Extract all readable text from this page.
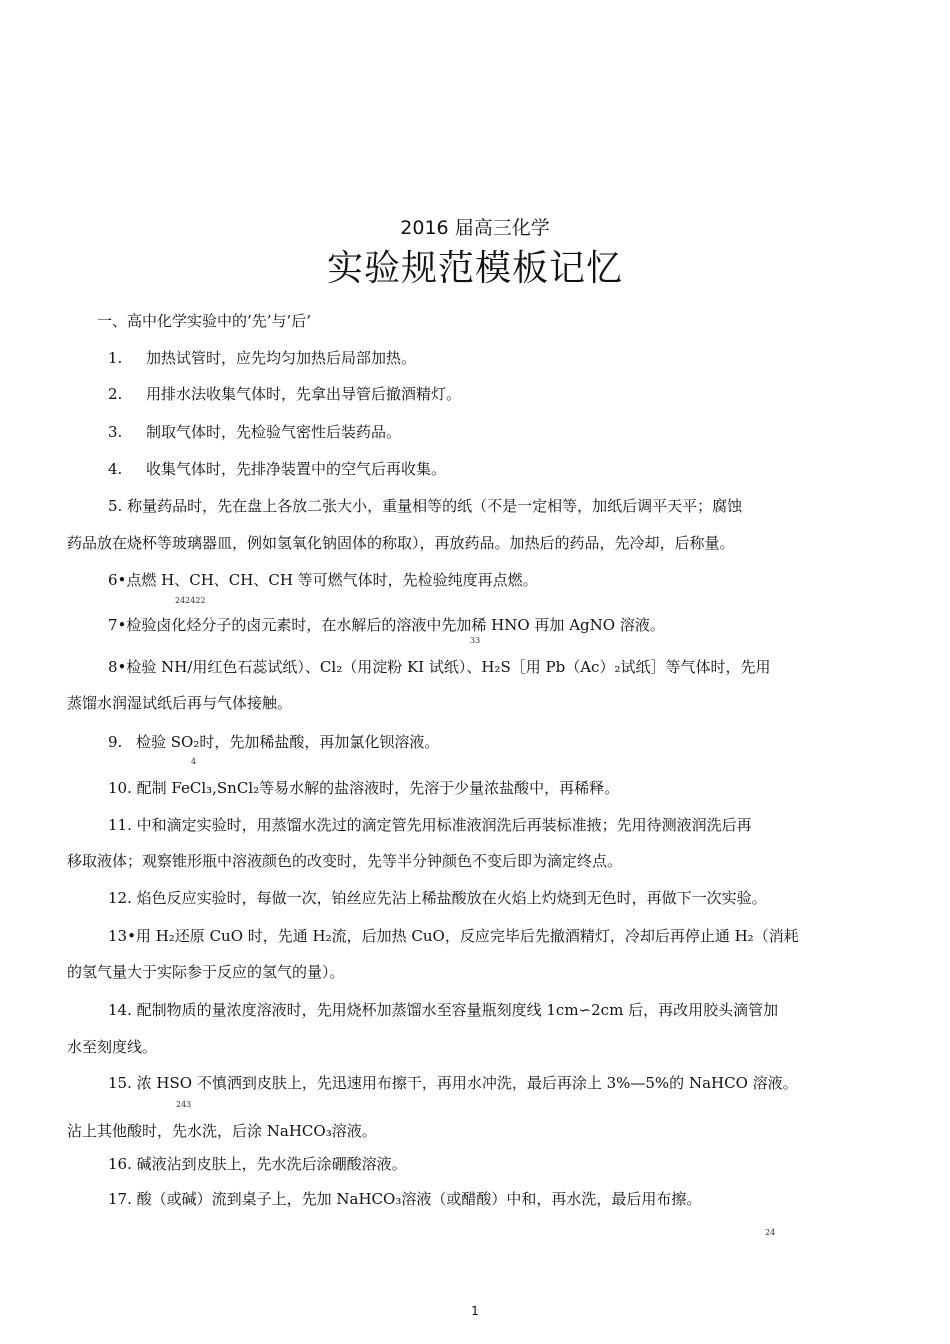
2016 届高三化学
实验规范模板记忆
一、高中化学实验中的’先’与’后’
1. 加热试管时，应先均匀加热后局部加热。
2. 用排水法收集气体时，先拿出导管后撤酒精灯。
3. 制取气体时，先检验气密性后装药品。
4. 收集气体时，先排净装置中的空气后再收集。
5. 称量药品时，先在盘上各放二张大小，重量相等的纸（不是一定相等，加纸后调平天平；腐蚀
药品放在烧杯等玻璃器皿，例如氢氧化钠固体的称取），再放药品。加热后的药品，先冷却，后称量。
6•点燃 H、CH、CH、CH 等可燃气体时，先检验纯度再点燃。
242422
7•检验卤化烃分子的卤元素时，在水解后的溶液中先加稀 HNO 再加 AgNO 溶液。
33
8•检验 NH/用红色石蕊试纸）、Cl₂（用淀粉 KI 试纸）、H₂S［用 Pb（Ac）₂试纸］等气体时，先用
蒸馏水润湿试纸后再与气体接触。
9. 检验 SO₂时，先加稀盐酸，再加氯化钡溶液。
4
10. 配制 FeCl₃,SnCl₂等易水解的盐溶液时，先溶于少量浓盐酸中，再稀释。
11. 中和滴定实验时，用蒸馏水洗过的滴定管先用标准液润洗后再装标准掖；先用待测液润洗后再
移取液体；观察锥形瓶中溶液颜色的改变时，先等半分钟颜色不变后即为滴定终点。
12. 焰色反应实验时，每做一次，铂丝应先沾上稀盐酸放在火焰上灼烧到无色时，再做下一次实验。
13•用 H₂还原 CuO 时，先通 H₂流，后加热 CuO，反应完毕后先撤酒精灯，冷却后再停止通 H₂（消耗
的氢气量大于实际参于反应的氢气的量）。
14. 配制物质的量浓度溶液时，先用烧杯加蒸馏水至容量瓶刻度线 1cm∽2cm 后，再改用胶头滴管加
水至刻度线。
15. 浓 HSO 不慎洒到皮肤上，先迅速用布擦干，再用水冲洗，最后再涂上 3%—5%的 NaHCO 溶液。
243
沾上其他酸时，先水洗，后涂 NaHCO₃溶液。
16. 碱液沾到皮肤上，先水洗后涂硼酸溶液。
17. 酸（或碱）流到桌子上，先加 NaHCO₃溶液（或醋酸）中和，再水洗，最后用布擦。
24
1
